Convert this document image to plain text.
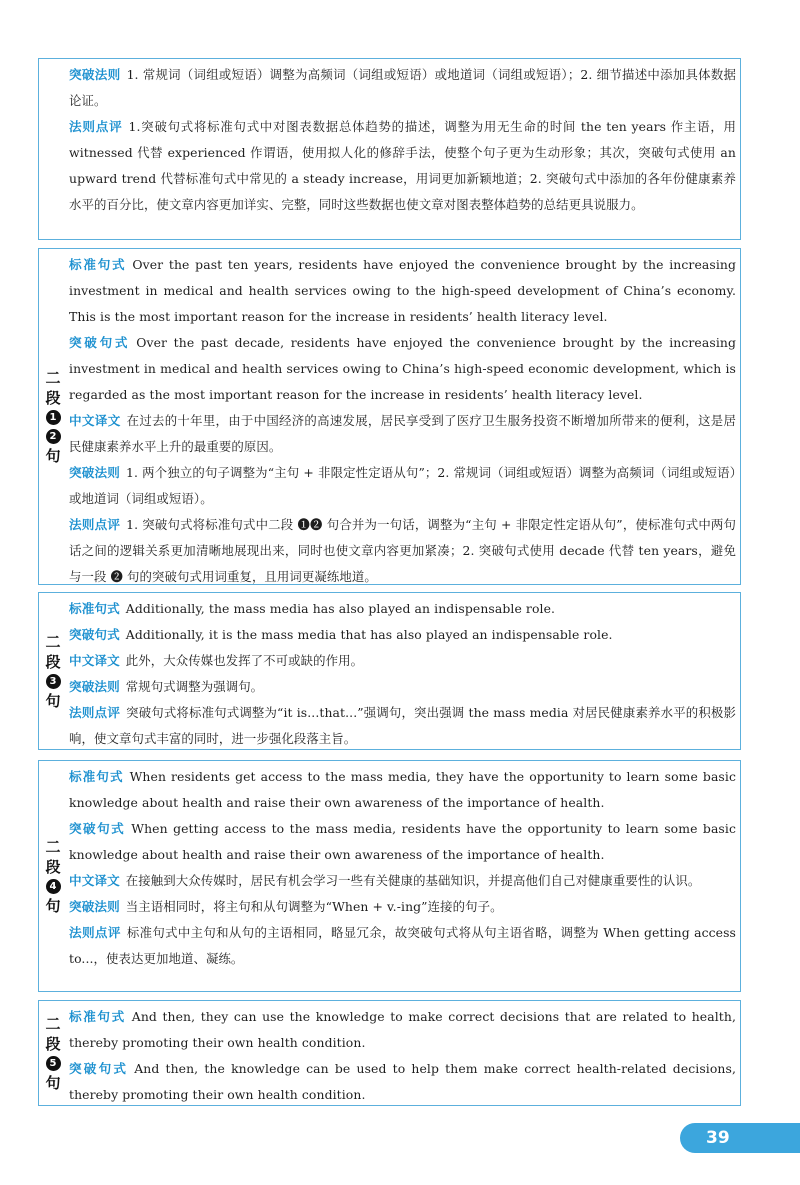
突破法则 1. 常规词（词组或短语）调整为高频词（词组或短语）或地道词（词组或短语）；2. 细节描述中添加具体数据论证。

法则点评 1.突破句式将标准句式中对图表数据总体趋势的描述，调整为用无生命的时间 the ten years 作主语，用 witnessed 代替 experienced 作谓语，使用拟人化的修辞手法，使整个句子更为生动形象；其次，突破句式使用 an upward trend 代替标准句式中常见的 a steady increase，用词更加新颖地道；2. 突破句式中添加的各年份健康素养水平的百分比，使文章内容更加详实、完整，同时这些数据也使文章对图表整体趋势的总结更具说服力。

二
段
1
2
句

标准句式 Over the past ten years, residents have enjoyed the convenience brought by the increasing investment in medical and health services owing to the high-speed development of China’s economy. This is the most important reason for the increase in residents’ health literacy level.

突破句式 Over the past decade, residents have enjoyed the convenience brought by the increasing investment in medical and health services owing to China’s high-speed economic development, which is regarded as the most important reason for the increase in residents’ health literacy level.

中文译文 在过去的十年里，由于中国经济的高速发展，居民享受到了医疗卫生服务投资不断增加所带来的便利，这是居民健康素养水平上升的最重要的原因。

突破法则 1. 两个独立的句子调整为“主句 + 非限定性定语从句”；2. 常规词（词组或短语）调整为高频词（词组或短语）或地道词（词组或短语）。

法则点评 1. 突破句式将标准句式中二段 ❶❷ 句合并为一句话，调整为“主句 + 非限定性定语从句”，使标准句式中两句话之间的逻辑关系更加清晰地展现出来，同时也使文章内容更加紧凑；2. 突破句式使用 decade 代替 ten years，避免与一段 ❷ 句的突破句式用词重复，且用词更凝练地道。

二
段
3
句

标准句式 Additionally, the mass media has also played an indispensable role.

突破句式 Additionally, it is the mass media that has also played an indispensable role.

中文译文 此外，大众传媒也发挥了不可或缺的作用。

突破法则 常规句式调整为强调句。

法则点评 突破句式将标准句式调整为“it is...that...”强调句，突出强调 the mass media 对居民健康素养水平的积极影响，使文章句式丰富的同时，进一步强化段落主旨。

二
段
4
句

标准句式 When residents get access to the mass media, they have the opportunity to learn some basic knowledge about health and raise their own awareness of the importance of health.

突破句式 When getting access to the mass media, residents have the opportunity to learn some basic knowledge about health and raise their own awareness of the importance of health.

中文译文 在接触到大众传媒时，居民有机会学习一些有关健康的基础知识，并提高他们自己对健康重要性的认识。

突破法则 当主语相同时，将主句和从句调整为“When + v.-ing”连接的句子。

法则点评 标准句式中主句和从句的主语相同，略显冗余，故突破句式将从句主语省略，调整为 When getting access to...，使表达更加地道、凝练。

二
段
5
句

标准句式 And then, they can use the knowledge to make correct decisions that are related to health, thereby promoting their own health condition.

突破句式 And then, the knowledge can be used to help them make correct health-related decisions, thereby promoting their own health condition.

39
